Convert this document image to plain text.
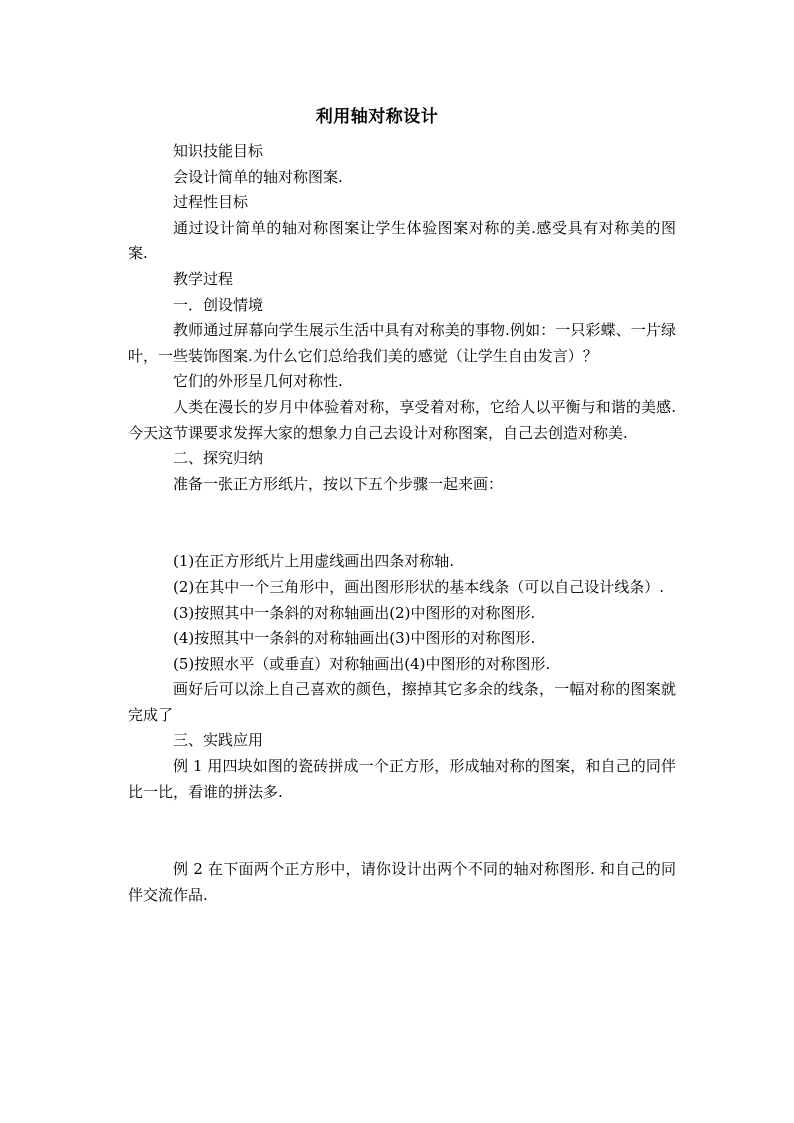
利用轴对称设计

知识技能目标

会设计简单的轴对称图案.

过程性目标

通过设计简单的轴对称图案让学生体验图案对称的美.感受具有对称美的图案.

教学过程

一．创设情境

教师通过屏幕向学生展示生活中具有对称美的事物.例如：一只彩蝶、一片绿叶，一些装饰图案.为什么它们总给我们美的感觉（让学生自由发言）？

它们的外形呈几何对称性.

人类在漫长的岁月中体验着对称，享受着对称，它给人以平衡与和谐的美感.今天这节课要求发挥大家的想象力自己去设计对称图案，自己去创造对称美.

二、探究归纳

准备一张正方形纸片，按以下五个步骤一起来画：

(1)在正方形纸片上用虚线画出四条对称轴.

(2)在其中一个三角形中，画出图形形状的基本线条（可以自己设计线条）.

(3)按照其中一条斜的对称轴画出(2)中图形的对称图形.

(4)按照其中一条斜的对称轴画出(3)中图形的对称图形.

(5)按照水平（或垂直）对称轴画出(4)中图形的对称图形.

画好后可以涂上自己喜欢的颜色，擦掉其它多余的线条，一幅对称的图案就完成了

三、实践应用

例 1 用四块如图的瓷砖拼成一个正方形，形成轴对称的图案，和自己的同伴比一比，看谁的拼法多.

例 2 在下面两个正方形中，请你设计出两个不同的轴对称图形. 和自己的同伴交流作品.
